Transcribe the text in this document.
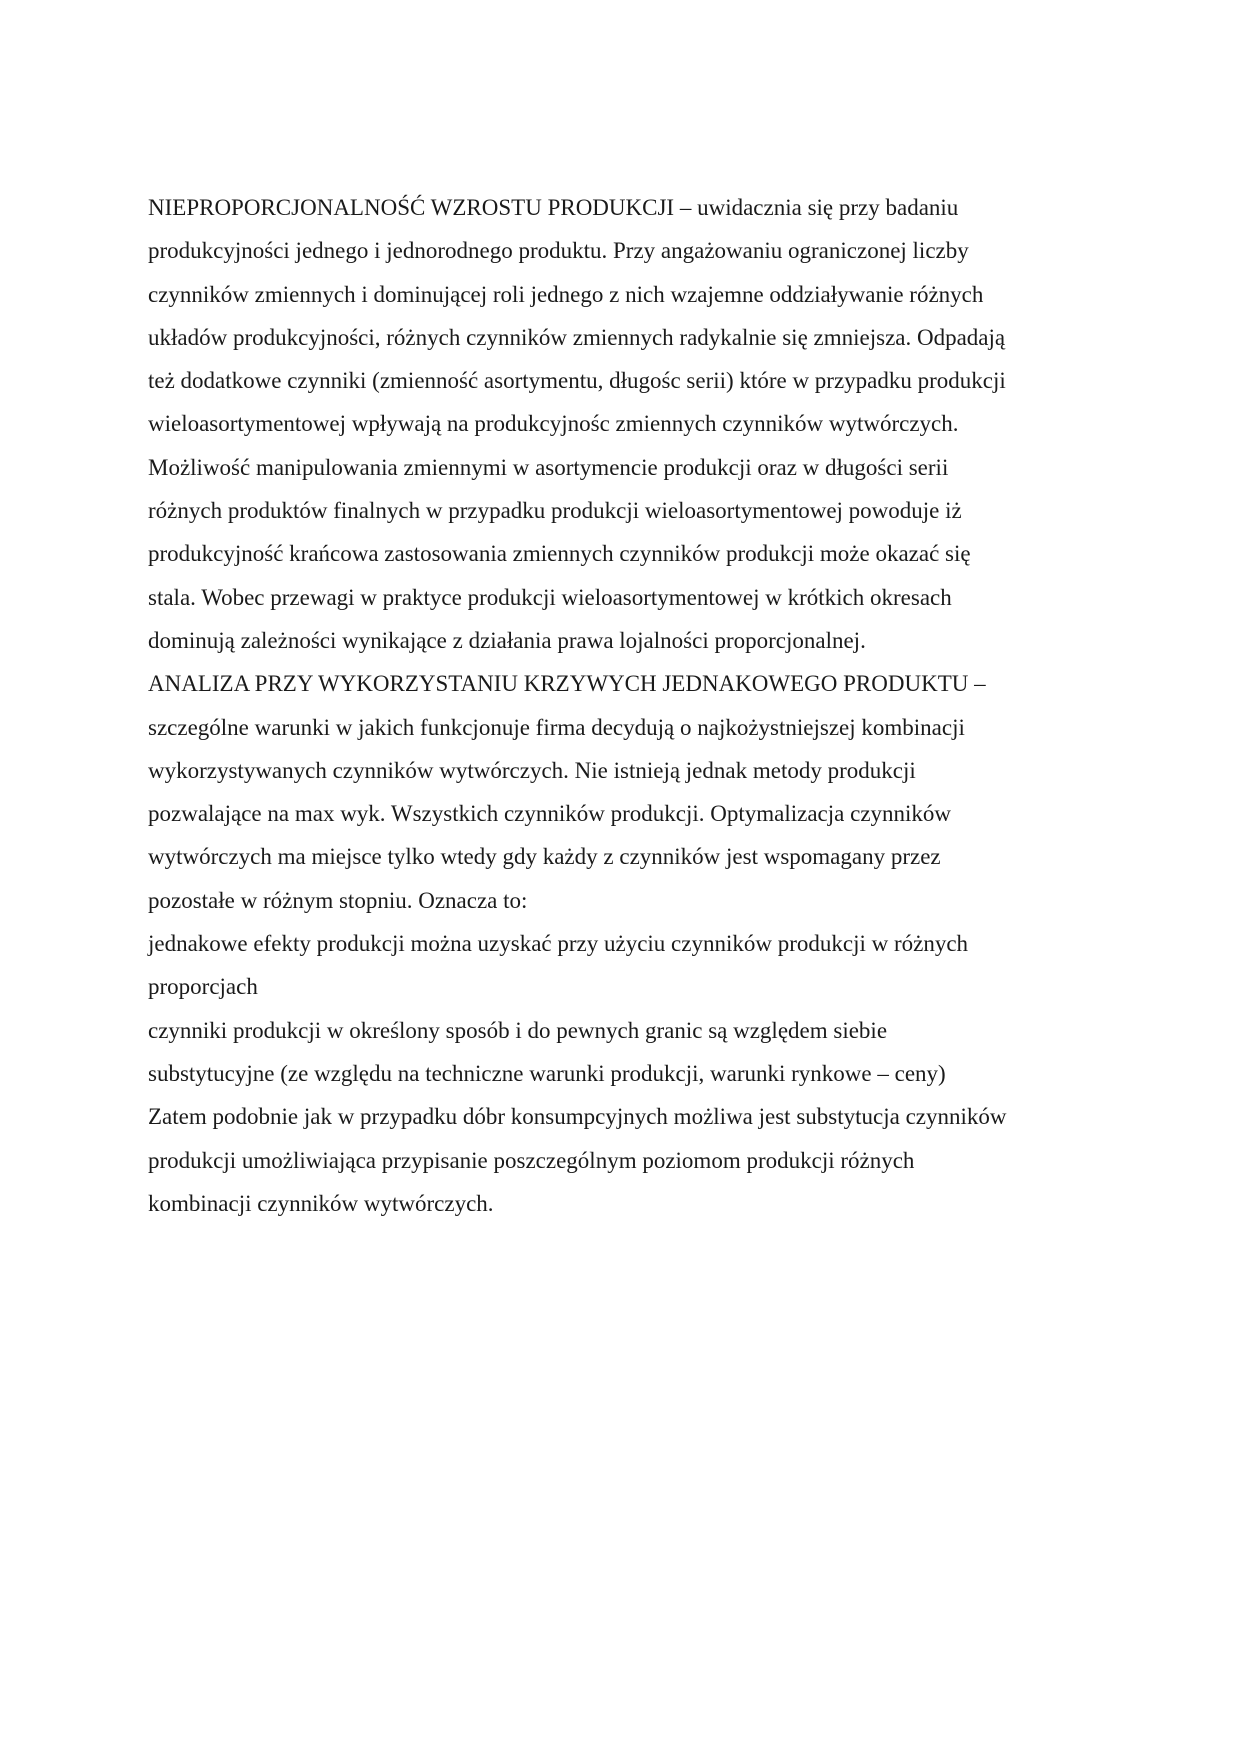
NIEPROPORCJONALNOŚĆ WZROSTU PRODUKCJI – uwidacznia się przy badaniu
produkcyjności jednego i jednorodnego produktu. Przy angażowaniu ograniczonej liczby
czynników zmiennych i dominującej roli jednego z nich wzajemne oddziaływanie różnych
układów produkcyjności, różnych czynników zmiennych radykalnie się zmniejsza. Odpadają
też dodatkowe czynniki (zmienność asortymentu, długośc serii) które w przypadku produkcji
wieloasortymentowej wpływają na produkcyjnośc zmiennych czynników wytwórczych.
Możliwość manipulowania zmiennymi w asortymencie produkcji oraz w długości serii
różnych produktów finalnych w przypadku produkcji wieloasortymentowej powoduje iż
produkcyjność krańcowa zastosowania zmiennych czynników produkcji może okazać się
stala. Wobec przewagi w praktyce produkcji wieloasortymentowej w krótkich okresach
dominują zależności wynikające z działania prawa lojalności proporcjonalnej.
ANALIZA PRZY WYKORZYSTANIU KRZYWYCH JEDNAKOWEGO PRODUKTU –
szczególne warunki w jakich funkcjonuje firma decydują o najkożystniejszej kombinacji
wykorzystywanych czynników wytwórczych. Nie istnieją jednak metody produkcji
pozwalające na max wyk. Wszystkich czynników produkcji. Optymalizacja czynników
wytwórczych ma miejsce tylko wtedy gdy każdy z czynników jest wspomagany przez
pozostałe w różnym stopniu. Oznacza to:
jednakowe efekty produkcji można uzyskać przy użyciu czynników produkcji w różnych
proporcjach
czynniki produkcji w określony sposób i do pewnych granic są względem siebie
substytucyjne (ze względu na techniczne warunki produkcji, warunki rynkowe – ceny)
Zatem podobnie jak w przypadku dóbr konsumpcyjnych możliwa jest substytucja czynników
produkcji umożliwiająca przypisanie poszczególnym poziomom produkcji różnych
kombinacji czynników wytwórczych.
